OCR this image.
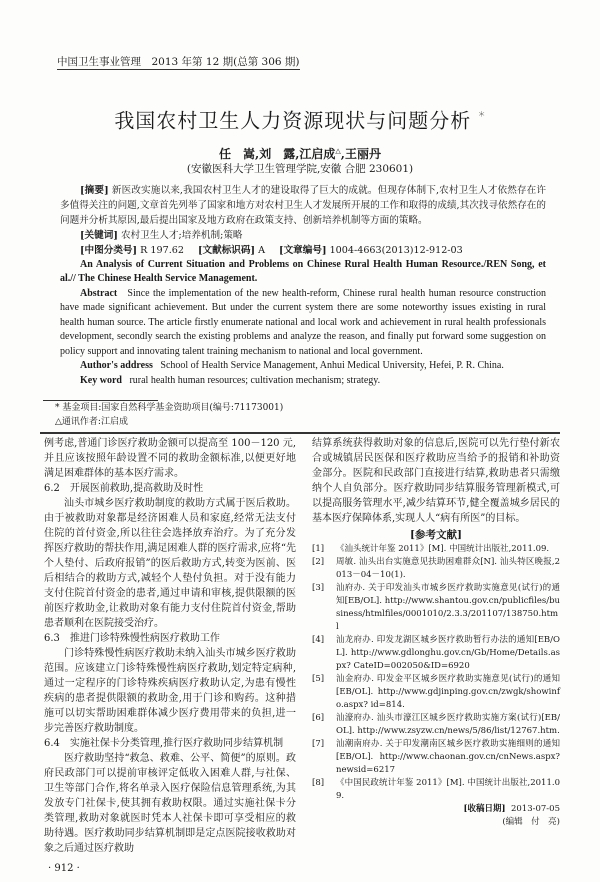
中国卫生事业管理　2013 年第 12 期(总第 306 期)
我国农村卫生人力资源现状与问题分析 *
任　嵩,刘　露,江启成△,王丽丹
(安徽医科大学卫生管理学院,安徽 合肥 230601)

[摘要] 新医改实施以来,我国农村卫生人才的建设取得了巨大的成就。但现存体制下,农村卫生人才依然存在许多值得关注的问题,文章首先列举了国家和地方对农村卫生人才发展所开展的工作和取得的成绩,其次找寻依然存在的问题并分析其原因,最后提出国家及地方政府在政策支持、创新培养机制等方面的策略。

[关键词] 农村卫生人才;培养机制;策略

[中图分类号] R 197.62 [文献标识码] A [文章编号] 1004-4663(2013)12-912-03

An Analysis of Current Situation and Problems on Chinese Rural Health Human Resource./REN Song, et al.// The Chinese Health Service Management.

Abstract Since the implementation of the new health-reform, Chinese rural health human resource construction have made significant achievement. But under the current system there are some noteworthy issues existing in rural health human source. The article firstly enumerate national and local work and achievement in rural health professionals development, secondly search the existing problems and analyze the reason, and finally put forward some suggestion on policy support and innovating talent training mechanism to national and local government.

Author's address School of Health Service Management, Anhui Medical University, Hefei, P. R. China.

Key word rural health human resources; cultivation mechanism; strategy.

* 基金项目:国家自然科学基金资助项目(编号:71173001)
△通讯作者:江启成

例考虑,普通门诊医疗救助金额可以提高至 100－120 元,并且应该按照年龄设置不同的救助金额标准,以便更好地满足困难群体的基本医疗需求。

6.2　开展医前救助,提高救助及时性

汕头市城乡医疗救助制度的救助方式属于医后救助。由于被救助对象都是经济困难人员和家庭,经常无法支付住院的首付资金,所以往往会选择放弃治疗。为了充分发挥医疗救助的帮扶作用,满足困难人群的医疗需求,应将“先个人垫付、后政府报销”的医后救助方式,转变为医前、医后相结合的救助方式,减轻个人垫付负担。对于没有能力支付住院首付资金的患者,通过申请和审核,提供限额的医前医疗救助金,让救助对象有能力支付住院首付资金,帮助患者顺利在医院接受治疗。

6.3　推进门诊特殊慢性病医疗救助工作

门诊特殊慢性病医疗救助未纳入汕头市城乡医疗救助范围。应该建立门诊特殊慢性病医疗救助,划定特定病种,通过一定程序的门诊特殊疾病医疗救助认定,为患有慢性疾病的患者提供限额的救助金,用于门诊和购药。这种措施可以切实帮助困难群体减少医疗费用带来的负担,进一步完善医疗救助制度。

6.4　实施社保卡分类管理,推行医疗救助同步结算机制

医疗救助坚持“救急、救难、公平、简便”的原则。政府民政部门可以提前审核评定低收入困难人群,与社保、卫生等部门合作,将名单录入医疗保险信息管理系统,为其发放专门社保卡,使其拥有救助权限。通过实施社保卡分类管理,救助对象就医时凭本人社保卡即可享受相应的救助待遇。医疗救助同步结算机制即是定点医院接收救助对象之后通过医疗救助

结算系统获得救助对象的信息后,医院可以先行垫付新农合或城镇居民医保和医疗救助应当给予的报销和补助资金部分。医院和民政部门直接进行结算,救助患者只需缴纳个人自负部分。医疗救助同步结算服务管理新模式,可以提高服务管理水平,减少结算环节,健全覆盖城乡居民的基本医疗保障体系,实现人人“病有所医”的目标。

[参考文献]
[1]	《汕头统计年鉴 2011》[M]. 中国统计出版社,2011.09.
[2]	周敏. 汕头出台实施意见扶助困难群众[N]. 汕头特区晚报,2013－04－10(1).
[3]	汕府办. 关于印发汕头市城乡医疗救助实施意见(试行)的通知[EB/OL]. http://www.shantou.gov.cn/publicfiles/business/htmlfiles/0001010/2.3.3/201107/138750.html
[4]	汕龙府办. 印发龙湖区城乡医疗救助暂行办法的通知[EB/OL]. http://www.gdlonghu.gov.cn/Gb/Home/Details.aspx? CateID=002050&ID=6920
[5]	汕金府办. 印发金平区城乡医疗救助实施意见(试行)的通知[EB/OL]. http://www.gdjinping.gov.cn/zwgk/showinfo.aspx? id=814.
[6]	汕濠府办. 汕头市濠江区城乡医疗救助实施方案(试行)[EB/OL]. http://www.zsyzw.cn/news/5/86/list/12767.htm.
[7]	汕潮南府办. 关于印发潮南区城乡医疗救助实施细则的通知[EB/OL]. http://www.chaonan.gov.cn/cnNews.aspx? newsid=6217
[8]	《中国民政统计年鉴 2011》[M]. 中国统计出版社,2011.09.
[收稿日期] 2013-07-05
(编辑　付　亮)
· 912 ·
